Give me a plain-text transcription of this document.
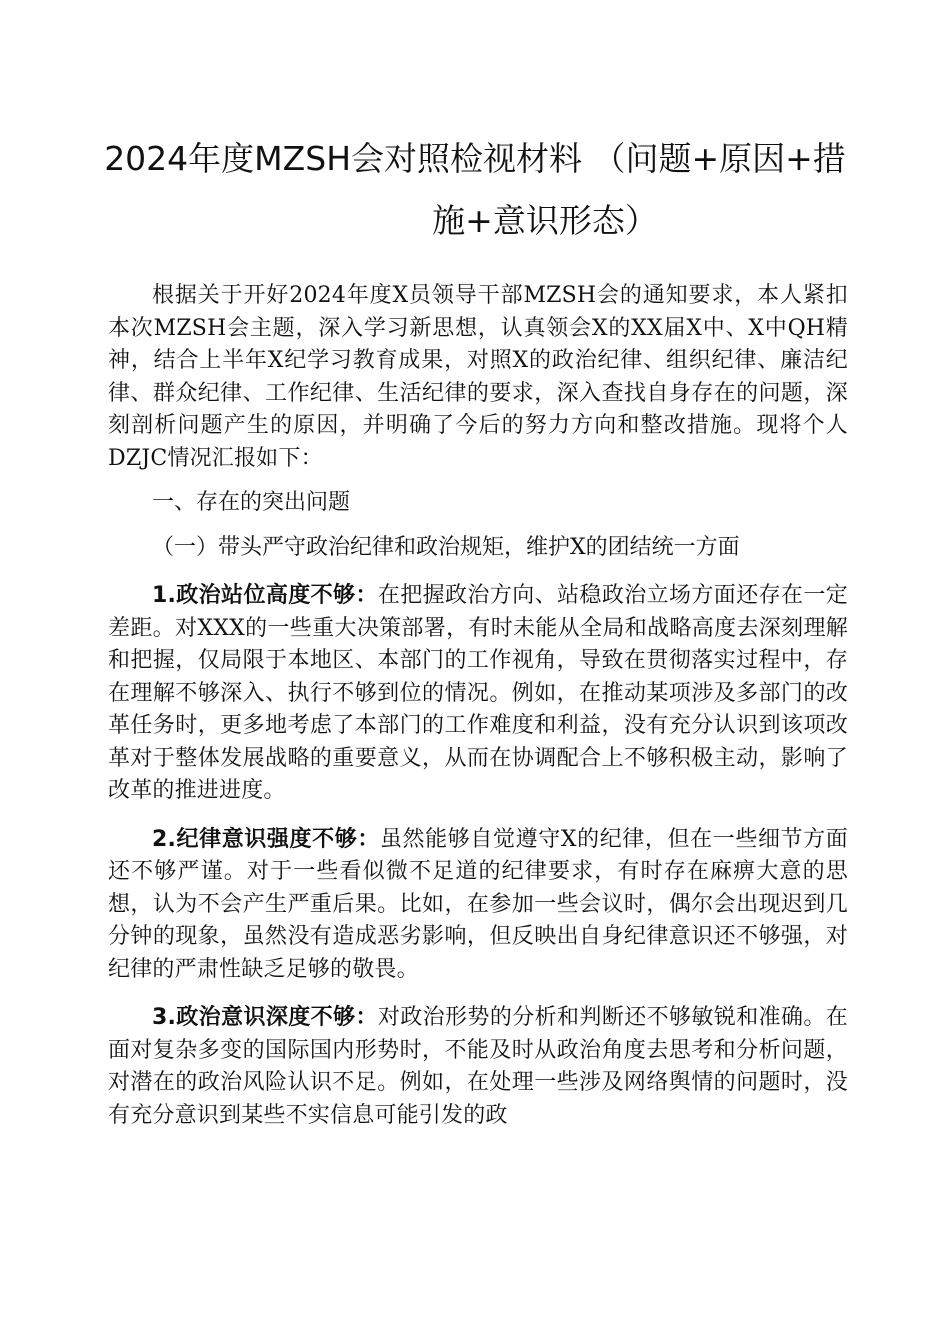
2024年度MZSH会对照检视材料 （问题+原因+措
施+意识形态）

根据关于开好2024年度X员领导干部MZSH会的通知要求，本人紧扣本次MZSH会主题，深入学习新思想，认真领会X的XX届X中、X中QH精神，结合上半年X纪学习教育成果，对照X的政治纪律、组织纪律、廉洁纪律、群众纪律、工作纪律、生活纪律的要求，深入查找自身存在的问题，深刻剖析问题产生的原因，并明确了今后的努力方向和整改措施。现将个人DZJC情况汇报如下：

一、存在的突出问题

（一）带头严守政治纪律和政治规矩，维护X的团结统一方面

1.政治站位高度不够：在把握政治方向、站稳政治立场方面还存在一定差距。对XXX的一些重大决策部署，有时未能从全局和战略高度去深刻理解和把握，仅局限于本地区、本部门的工作视角，导致在贯彻落实过程中，存在理解不够深入、执行不够到位的情况。例如，在推动某项涉及多部门的改革任务时，更多地考虑了本部门的工作难度和利益，没有充分认识到该项改革对于整体发展战略的重要意义，从而在协调配合上不够积极主动，影响了改革的推进进度。

2.纪律意识强度不够：虽然能够自觉遵守X的纪律，但在一些细节方面还不够严谨。对于一些看似微不足道的纪律要求，有时存在麻痹大意的思想，认为不会产生严重后果。比如，在参加一些会议时，偶尔会出现迟到几分钟的现象，虽然没有造成恶劣影响，但反映出自身纪律意识还不够强，对纪律的严肃性缺乏足够的敬畏。

3.政治意识深度不够：对政治形势的分析和判断还不够敏锐和准确。在面对复杂多变的国际国内形势时，不能及时从政治角度去思考和分析问题，对潜在的政治风险认识不足。例如，在处理一些涉及网络舆情的问题时，没有充分意识到某些不实信息可能引发的政
